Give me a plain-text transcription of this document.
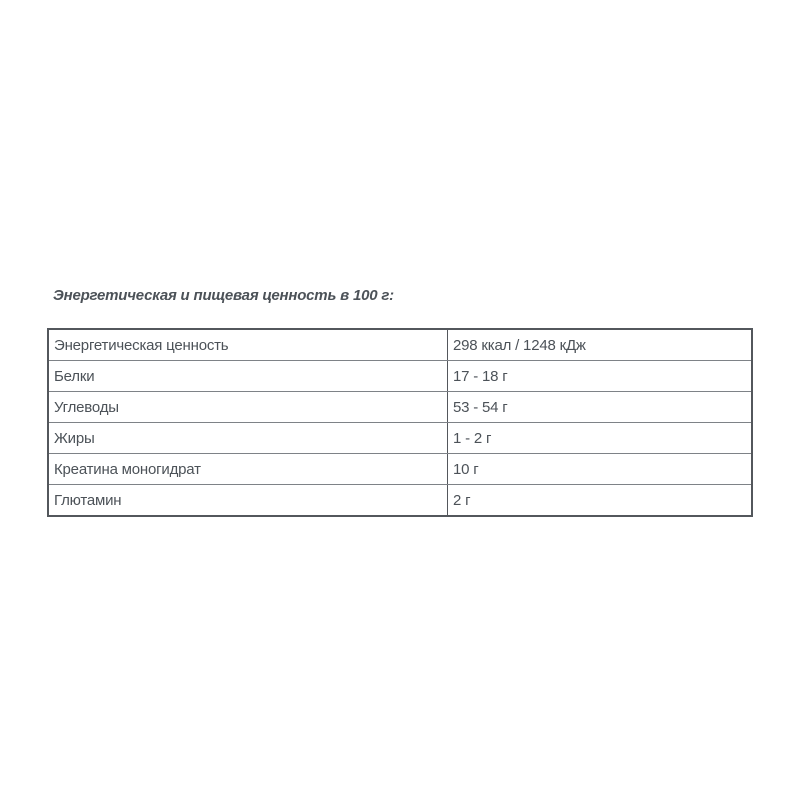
Энергетическая и пищевая ценность в 100 г:
Энергетическая ценность	298 ккал / 1248 кДж
Белки	17 - 18 г
Углеводы	53 - 54 г
Жиры	1 - 2 г
Креатина моногидрат	10 г
Глютамин	2 г
